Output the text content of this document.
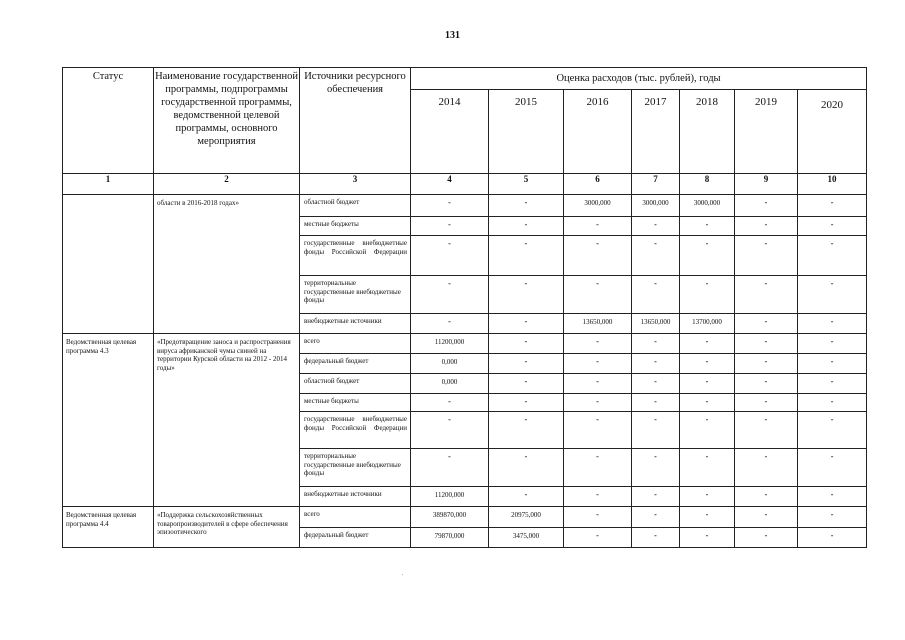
131
Статус	Наименование государственной программы, подпрограммы государственной программы, ведомственной целевой программы, основного мероприятия	Источники ресурсного обеспечения	Оценка расходов (тыс. рублей), годы						
			2014	2015	2016	2017	2018	2019	2020
1	2	3	4	5	6	7	8	9	10
	области в 2016-2018 годах»	областной бюджет	-	-	3000,000	3000,000	3000,000	-	-
		местные бюджеты	-	-	-	-	-	-	-
		государственные внебюджетные фонды Российской Федерации	-	-	-	-	-	-	-
		территориальные государственные внебюджетные фонды	-	-	-	-	-	-	-
		внебюджетные источники	-	-	13650,000	13650,000	13700,000	-	-
Ведомственная целевая программа 4.3	«Предотвращение заноса и распространения вируса африканской чумы свиней на территории Курской области на 2012 - 2014 годы»	всего	11200,000	-	-	-	-	-	-
		федеральный бюджет	0,000	-	-	-	-	-	-
		областной бюджет	0,000	-	-	-	-	-	-
		местные бюджеты	-	-	-	-	-	-	-
		государственные внебюджетные фонды Российской Федерации	-	-	-	-	-	-	-
		территориальные государственные внебюджетные фонды	-	-	-	-	-	-	-
		внебюджетные источники	11200,000	-	-	-	-	-	-
Ведомственная целевая программа 4.4	«Поддержка сельскохозяйственных товаропроизводителей в сфере обеспечения эпизоотического	всего	389870,000	20975,000	-	-	-	-	-
		федеральный бюджет	79870,000	3475,000	-	-	-	-	-
